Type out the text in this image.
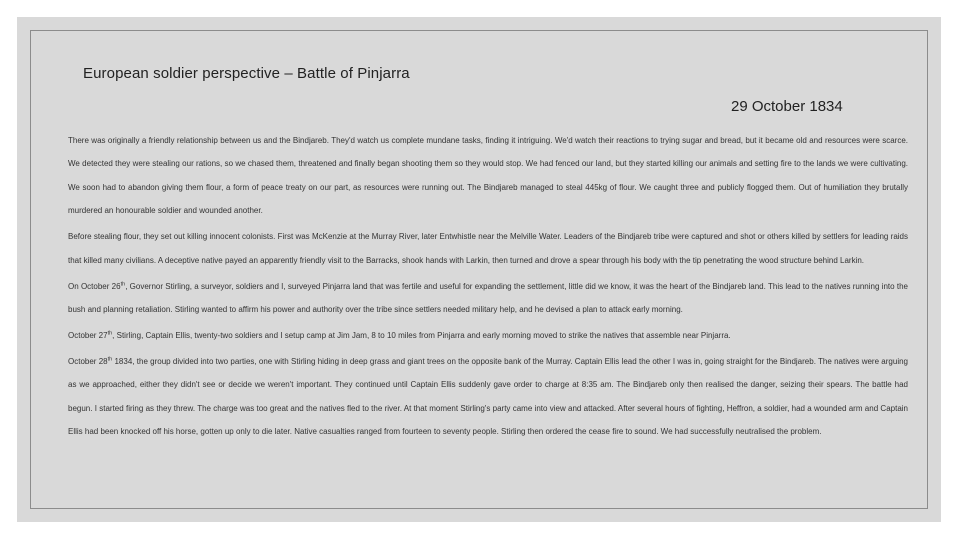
European soldier perspective – Battle of Pinjarra
29 October 1834

There was originally a friendly relationship between us and the Bindjareb. They'd watch us complete mundane tasks, finding it intriguing. We'd watch their reactions to trying sugar and bread, but it became old and resources were scarce. We detected they were stealing our rations, so we chased them, threatened and finally began shooting them so they would stop. We had fenced our land, but they started killing our animals and setting fire to the lands we were cultivating. We soon had to abandon giving them flour, a form of peace treaty on our part, as resources were running out. The Bindjareb managed to steal 445kg of flour. We caught three and publicly flogged them. Out of humiliation they brutally murdered an honourable soldier and wounded another.

Before stealing flour, they set out killing innocent colonists. First was McKenzie at the Murray River, later Entwhistle near the Melville Water. Leaders of the Bindjareb tribe were captured and shot or others killed by settlers for leading raids that killed many civilians. A deceptive native payed an apparently friendly visit to the Barracks, shook hands with Larkin, then turned and drove a spear through his body with the tip penetrating the wood structure behind Larkin.

On October 26th, Governor Stirling, a surveyor, soldiers and I, surveyed Pinjarra land that was fertile and useful for expanding the settlement, little did we know, it was the heart of the Bindjareb land. This lead to the natives running into the bush and planning retaliation. Stirling wanted to affirm his power and authority over the tribe since settlers needed military help, and he devised a plan to attack early morning.

October 27th, Stirling, Captain Ellis, twenty-two soldiers and I setup camp at Jim Jam, 8 to 10 miles from Pinjarra and early morning moved to strike the natives that assemble near Pinjarra.

October 28th 1834, the group divided into two parties, one with Stirling hiding in deep grass and giant trees on the opposite bank of the Murray. Captain Ellis lead the other I was in, going straight for the Bindjareb. The natives were arguing as we approached, either they didn't see or decide we weren't important. They continued until Captain Ellis suddenly gave order to charge at 8:35 am. The Bindjareb only then realised the danger, seizing their spears. The battle had begun. I started firing as they threw. The charge was too great and the natives fled to the river. At that moment Stirling's party came into view and attacked. After several hours of fighting, Heffron, a soldier, had a wounded arm and Captain Ellis had been knocked off his horse, gotten up only to die later. Native casualties ranged from fourteen to seventy people. Stirling then ordered the cease fire to sound. We had successfully neutralised the problem.
